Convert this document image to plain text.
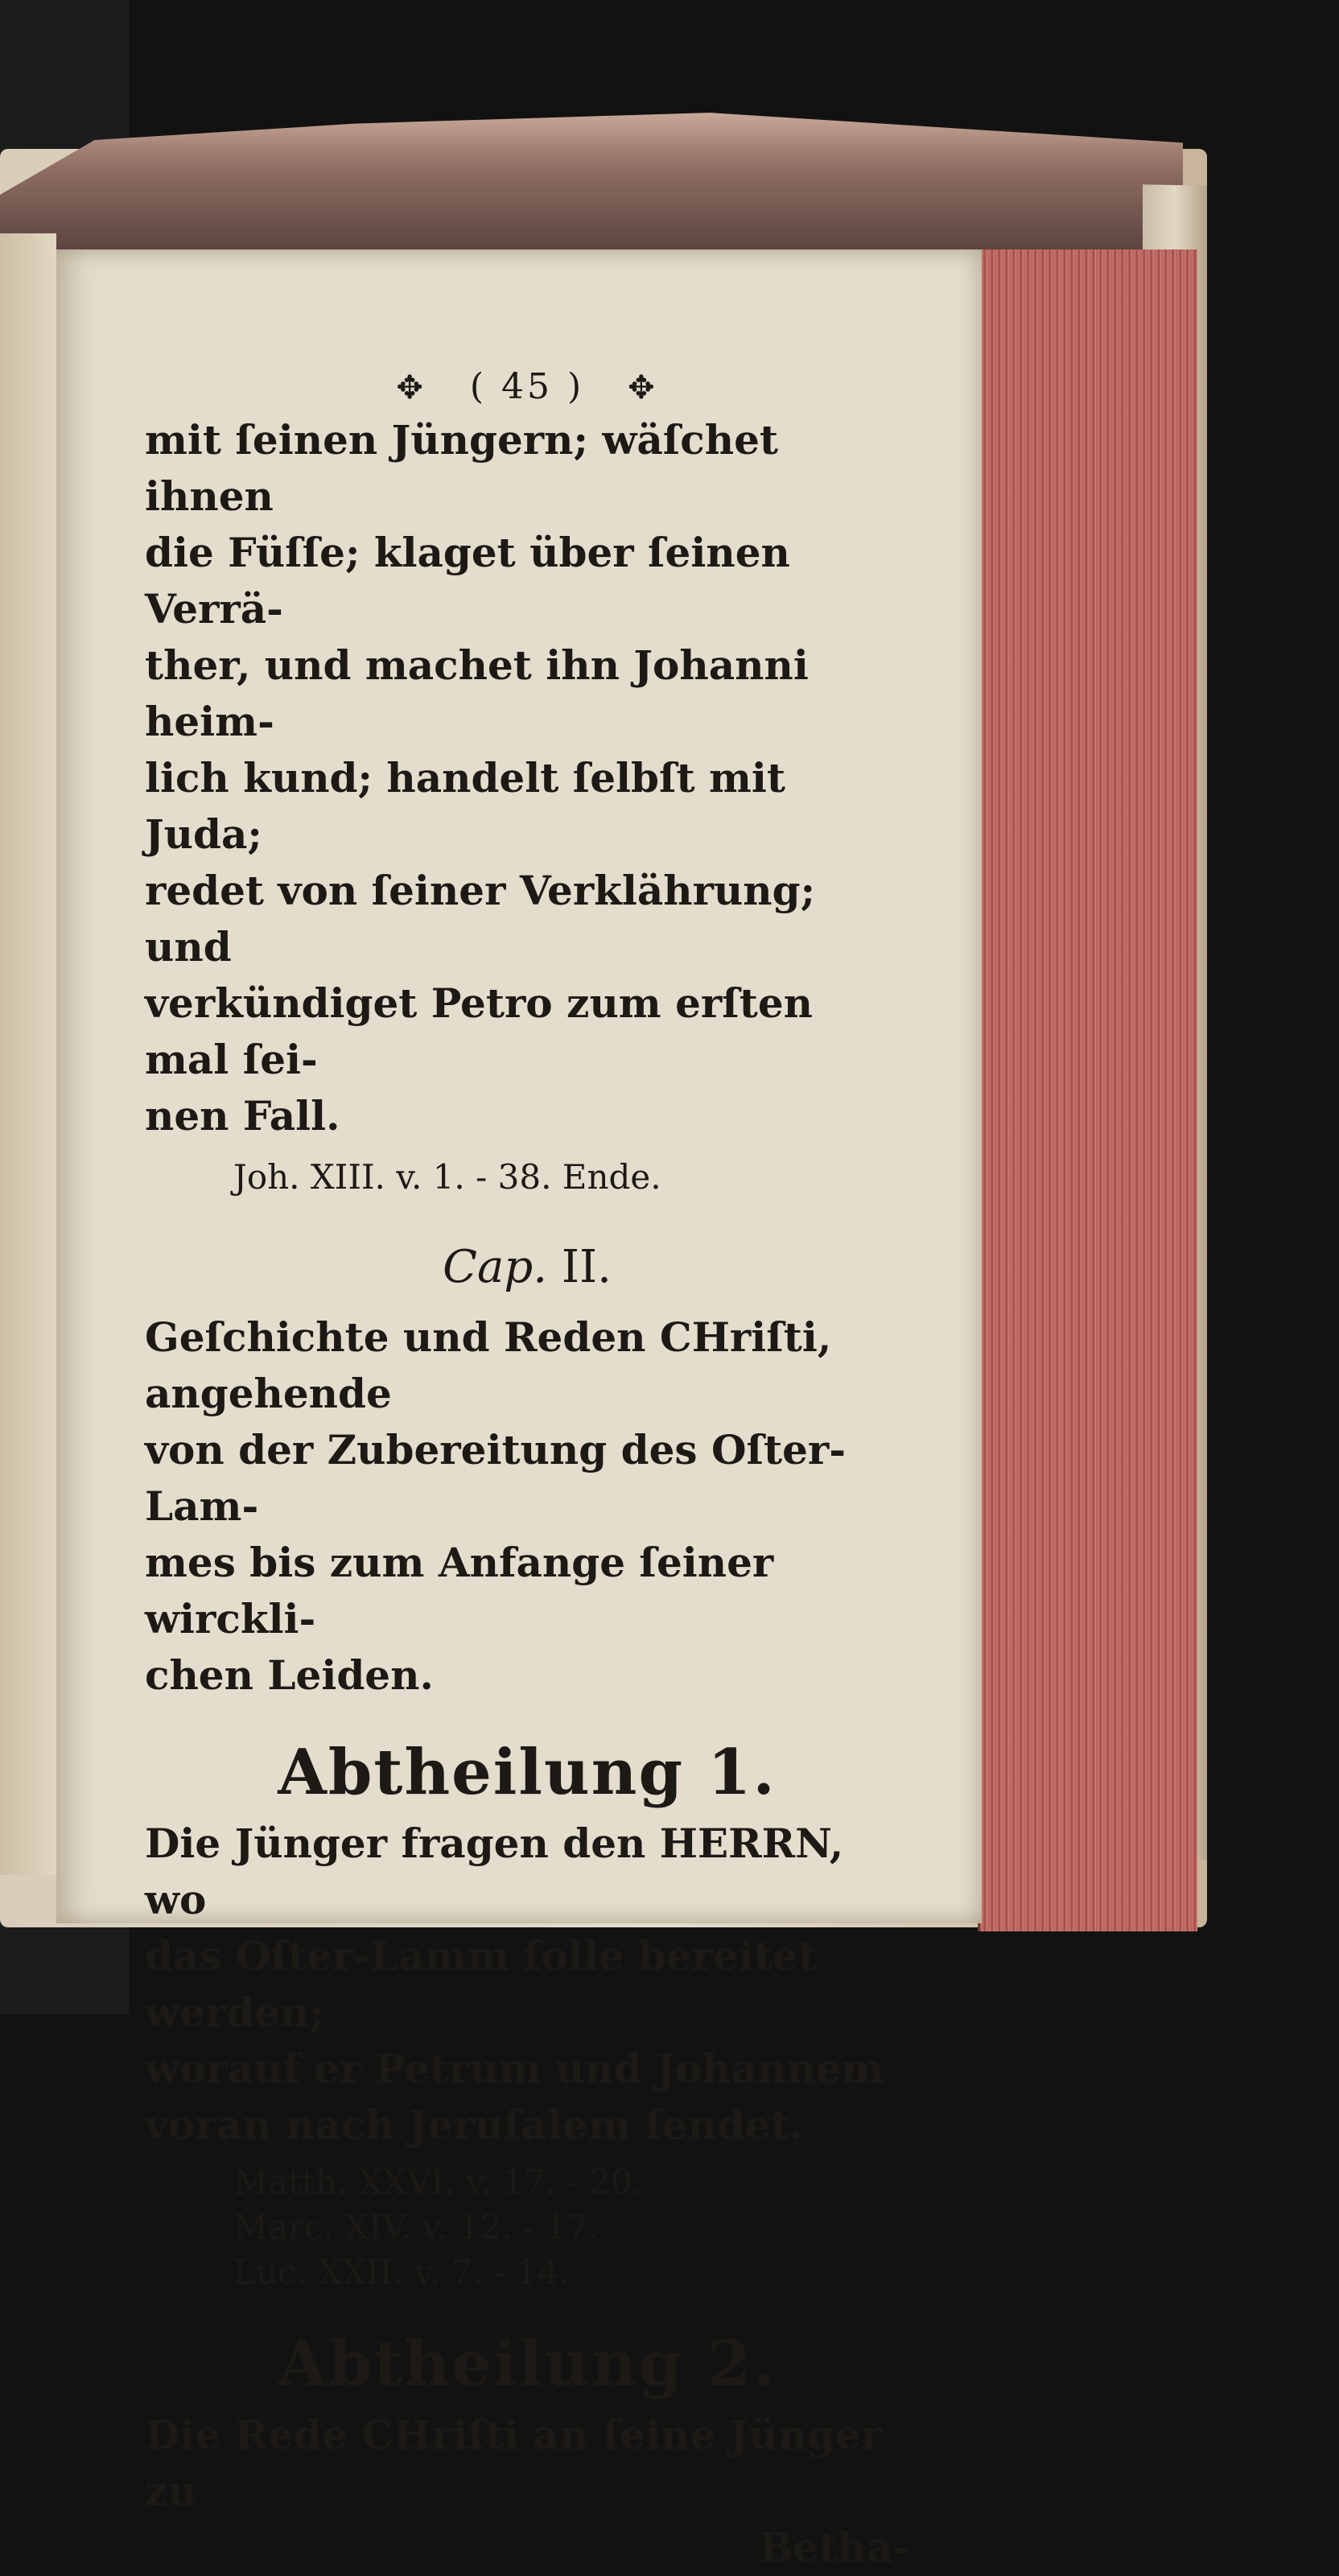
✥ ( 45 ) ✥

mit ſeinen Jüngern; wäſchet ihnen

die Füſſe; klaget über ſeinen Verrä-

ther, und machet ihn Johanni heim-

lich kund; handelt ſelbſt mit Juda;

redet von ſeiner Verklährung; und

verkündiget Petro zum erſten mal ſei-

nen Fall.

Joh. XIII. v. 1. - 38. Ende.
Cap. II.

Geſchichte und Reden CHriſti, angehende

von der Zubereitung des Oſter-Lam-

mes bis zum Anfange ſeiner wirckli-

chen Leiden.

Abtheilung 1.

Die Jünger fragen den HERRN, wo

das Oſter-Lamm ſolle bereitet werden;

worauf er Petrum und Johannem

voran nach Jeruſalem ſendet.

Matth. XXVI. v. 17. - 20.
Marc. XIV. v. 12. - 17.
Luc. XXII. v. 7. - 14.
Abtheilung 2.

Die Rede CHriſti an ſeine Jünger zu

Betha-
